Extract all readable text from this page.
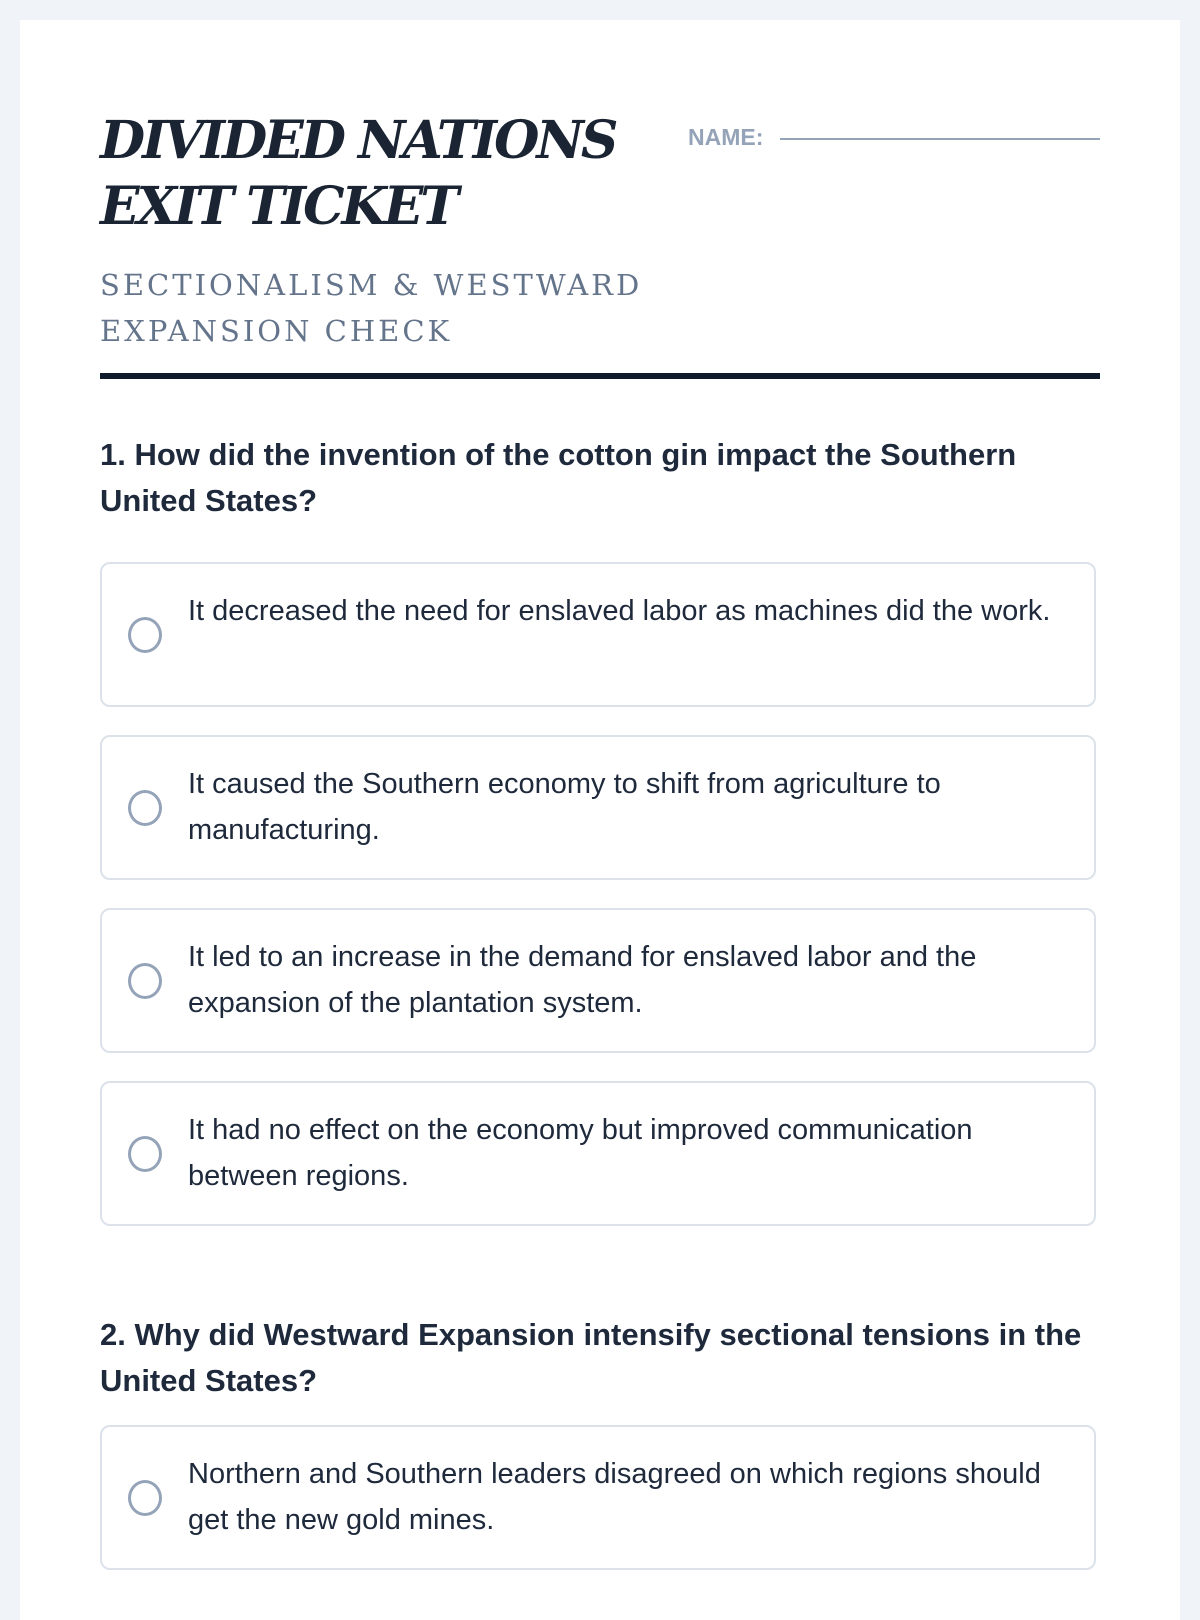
DIVIDED NATIONS EXIT TICKET

SECTIONALISM & WESTWARD EXPANSION CHECK

NAME:

1. How did the invention of the cotton gin impact the Southern United States?

It decreased the need for enslaved labor as machines did the work.

It caused the Southern economy to shift from agriculture to manufacturing.

It led to an increase in the demand for enslaved labor and the expansion of the plantation system.

It had no effect on the economy but improved communication between regions.

2. Why did Westward Expansion intensify sectional tensions in the United States?

Northern and Southern leaders disagreed on which regions should get the new gold mines.
